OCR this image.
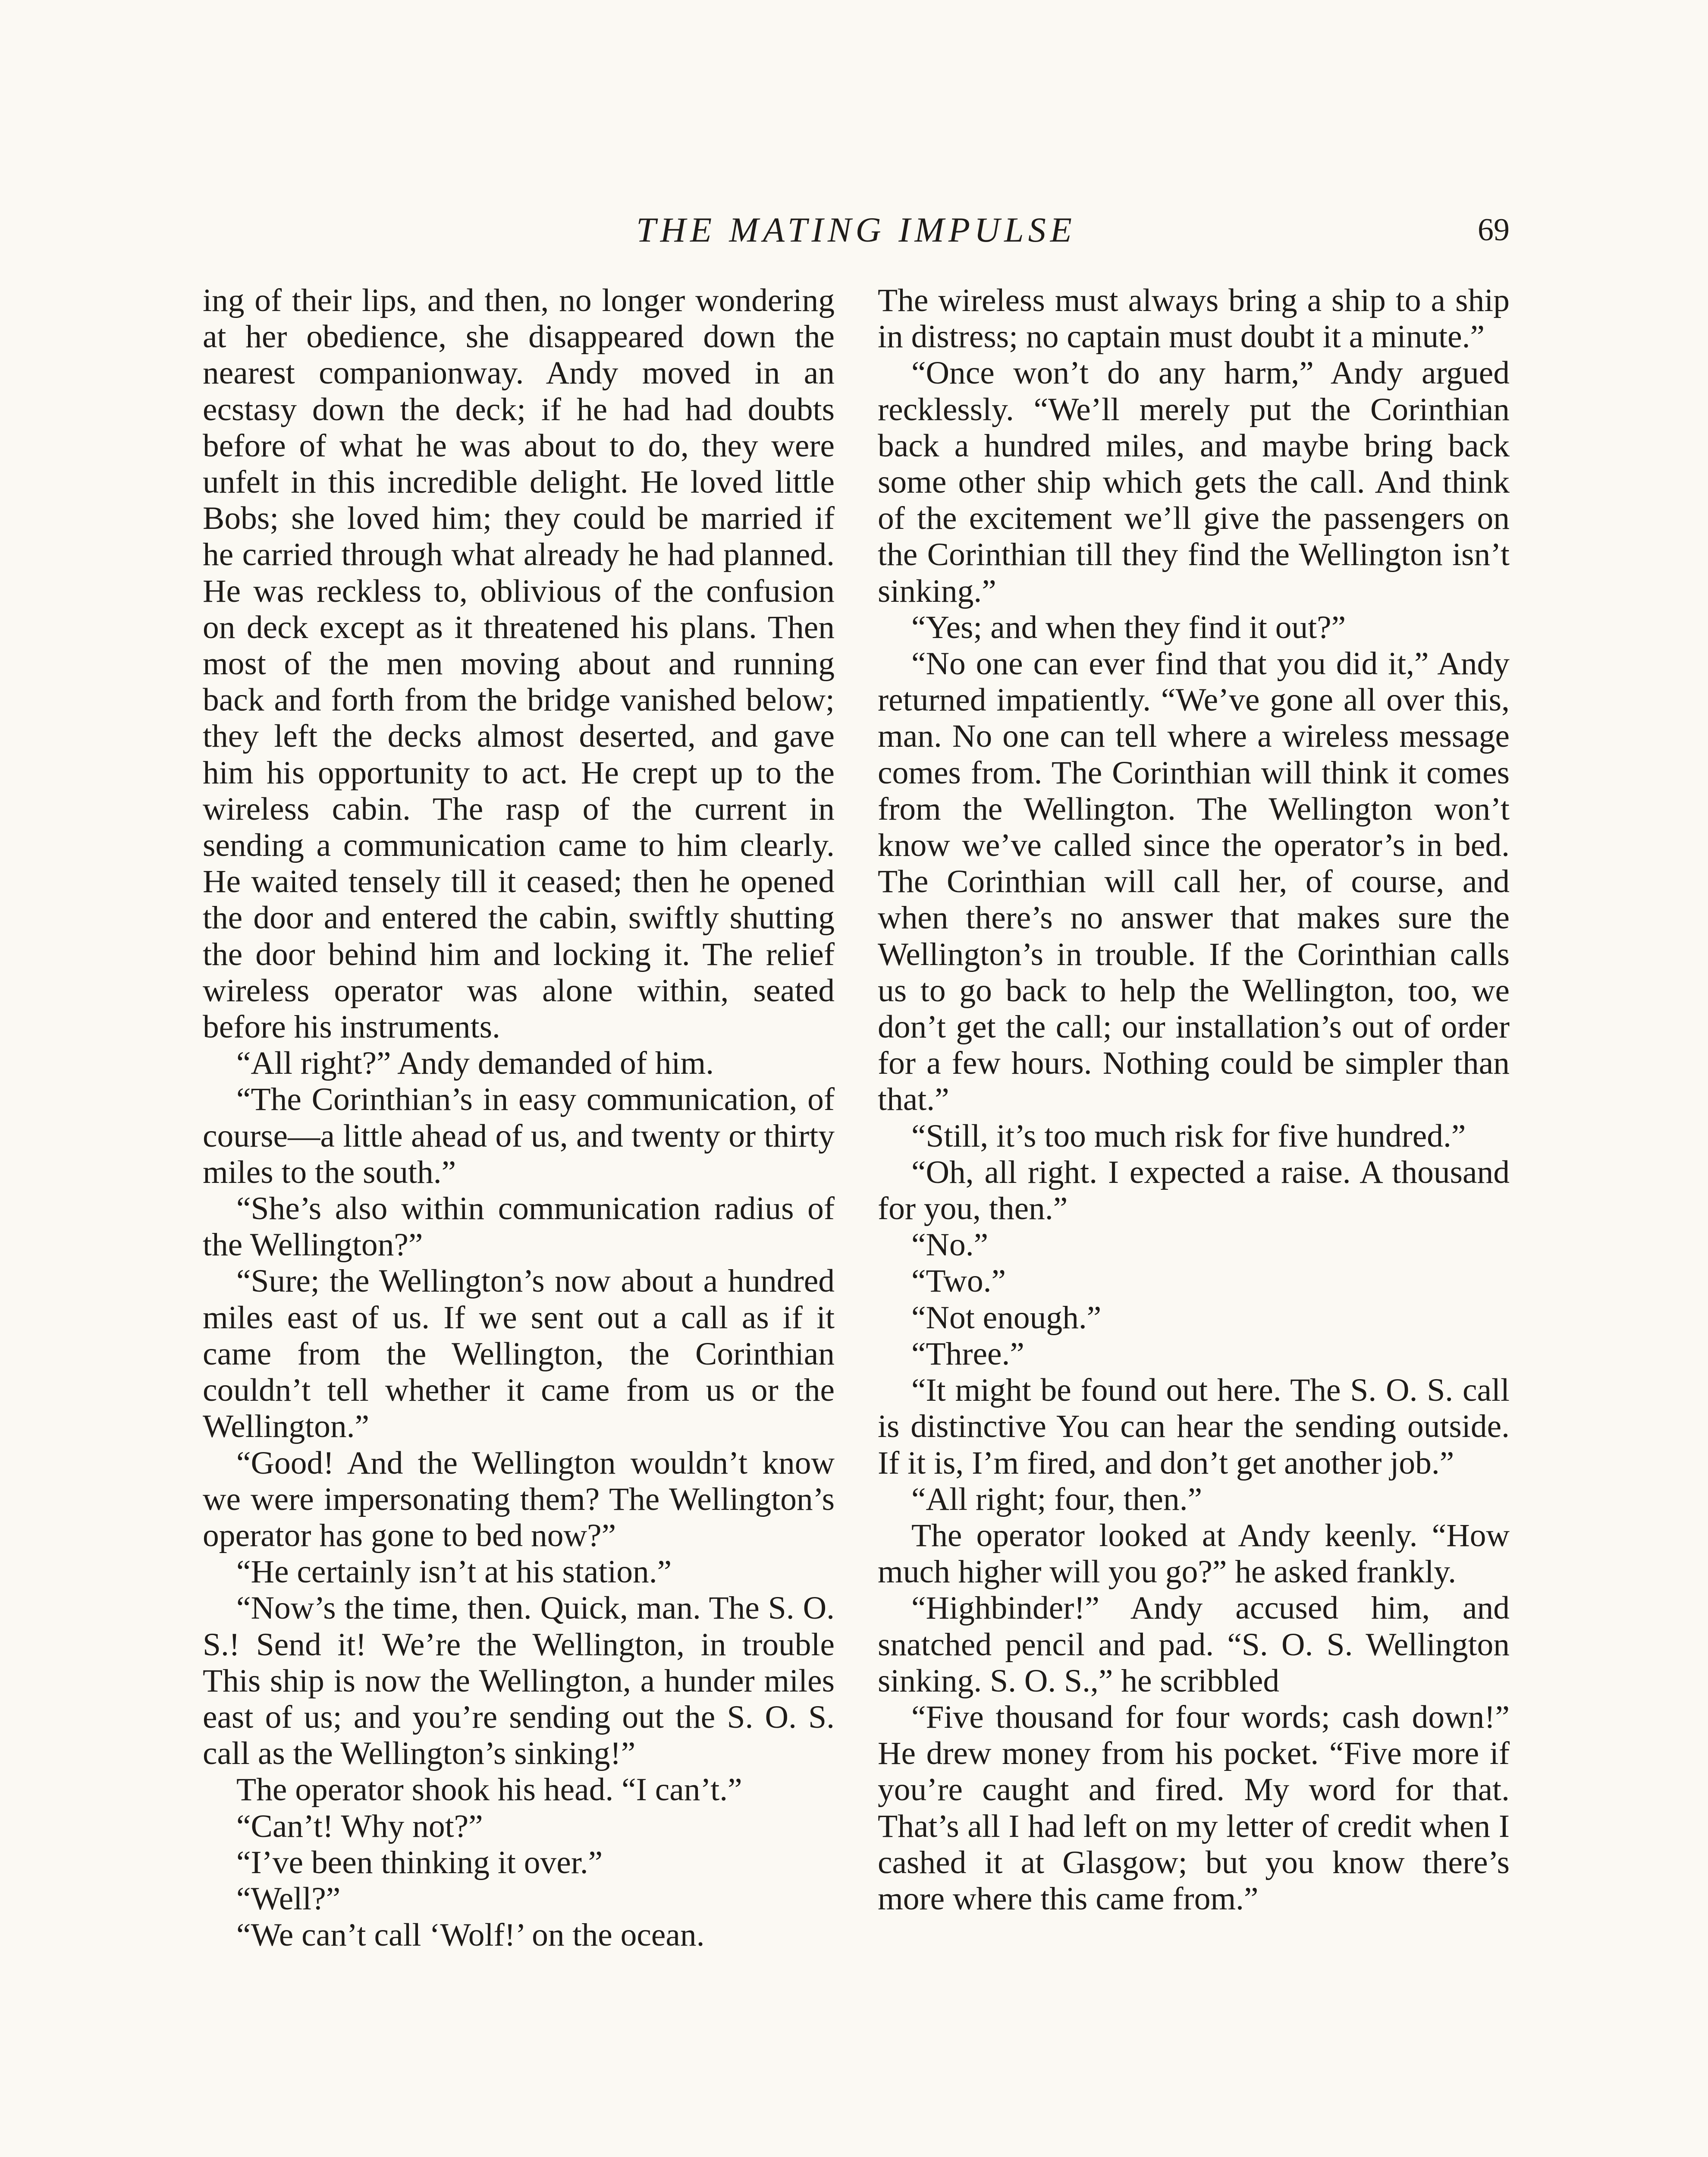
THE MATING IMPULSE	69

ing of their lips, and then, no longer wondering at her obedience, she disappeared down the nearest companionway. Andy moved in an ecstasy down the deck; if he had had doubts before of what he was about to do, they were unfelt in this incredible delight. He loved little Bobs; she loved him; they could be married if he carried through what already he had planned. He was reckless to, oblivious of the confusion on deck except as it threatened his plans. Then most of the men moving about and running back and forth from the bridge vanished below; they left the decks almost deserted, and gave him his opportunity to act. He crept up to the wireless cabin. The rasp of the current in sending a communication came to him clearly. He waited tensely till it ceased; then he opened the door and entered the cabin, swiftly shutting the door behind him and locking it. The relief wireless operator was alone within, seated before his instruments.

“All right?” Andy demanded of him.

“The Corinthian’s in easy communication, of course—a little ahead of us, and twenty or thirty miles to the south.”

“She’s also within communication radius of the Wellington?”

“Sure; the Wellington’s now about a hundred miles east of us. If we sent out a call as if it came from the Wellington, the Corinthian couldn’t tell whether it came from us or the Wellington.”

“Good! And the Wellington wouldn’t know we were impersonating them? The Wellington’s operator has gone to bed now?”

“He certainly isn’t at his station.”

“Now’s the time, then. Quick, man. The S. O. S.! Send it! We’re the Wellington, in trouble This ship is now the Wellington, a hunder miles east of us; and you’re sending out the S. O. S. call as the Wellington’s sinking!”

The operator shook his head. “I can’t.”

“Can’t! Why not?”

“I’ve been thinking it over.”

“Well?”

“We can’t call ‘Wolf!’ on the ocean.

The wireless must always bring a ship to a ship in distress; no captain must doubt it a minute.”

“Once won’t do any harm,” Andy argued recklessly. “We’ll merely put the Corinthian back a hundred miles, and maybe bring back some other ship which gets the call. And think of the excitement we’ll give the passengers on the Corinthian till they find the Wellington isn’t sinking.”

“Yes; and when they find it out?”

“No one can ever find that you did it,” Andy returned impatiently. “We’ve gone all over this, man. No one can tell where a wireless message comes from. The Corinthian will think it comes from the Wellington. The Wellington won’t know we’ve called since the operator’s in bed. The Corinthian will call her, of course, and when there’s no answer that makes sure the Wellington’s in trouble. If the Corinthian calls us to go back to help the Wellington, too, we don’t get the call; our installation’s out of order for a few hours. Nothing could be simpler than that.”

“Still, it’s too much risk for five hundred.”

“Oh, all right. I expected a raise. A thousand for you, then.”

“No.”

“Two.”

“Not enough.”

“Three.”

“It might be found out here. The S. O. S. call is distinctive You can hear the sending outside. If it is, I’m fired, and don’t get another job.”

“All right; four, then.”

The operator looked at Andy keenly. “How much higher will you go?” he asked frankly.

“Highbinder!” Andy accused him, and snatched pencil and pad. “S. O. S. Wellington sinking. S. O. S.,” he scribbled

“Five thousand for four words; cash down!” He drew money from his pocket. “Five more if you’re caught and fired. My word for that. That’s all I had left on my letter of credit when I cashed it at Glasgow; but you know there’s more where this came from.”
